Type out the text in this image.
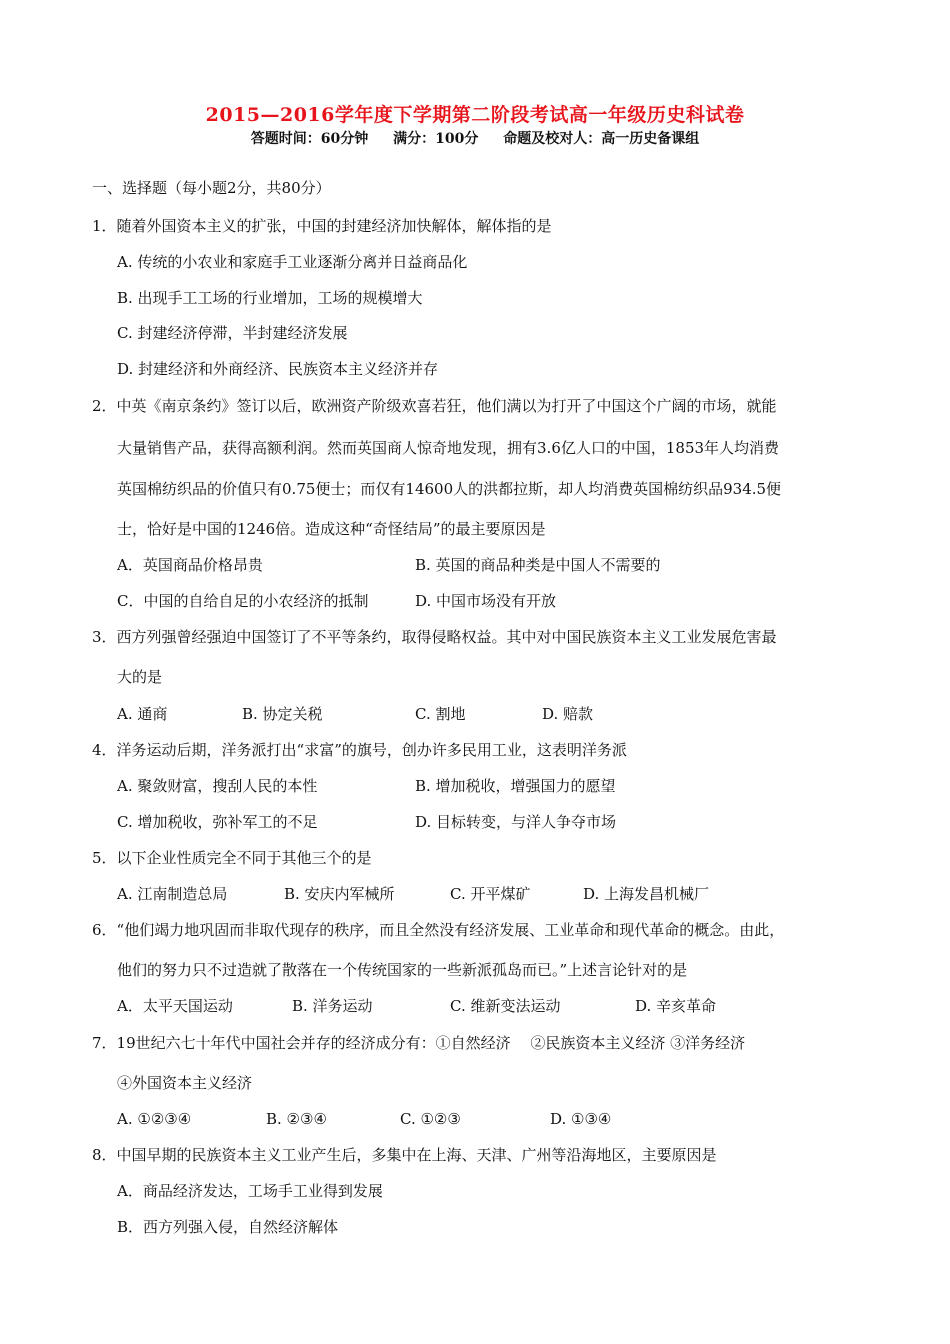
2015—2016学年度下学期第二阶段考试高一年级历史科试卷
答题时间：60分钟 满分：100分 命题及校对人：高一历史备课组
一、选择题（每小题2分，共80分）
1．随着外国资本主义的扩张，中国的封建经济加快解体，解体指的是
A. 传统的小农业和家庭手工业逐渐分离并日益商品化
B. 出现手工工场的行业增加，工场的规模增大
C. 封建经济停滞，半封建经济发展
D. 封建经济和外商经济、民族资本主义经济并存
2．中英《南京条约》签订以后，欧洲资产阶级欢喜若狂，他们满以为打开了中国这个广阔的市场，就能
大量销售产品，获得高额利润。然而英国商人惊奇地发现，拥有3.6亿人口的中国，1853年人均消费
英国棉纺织品的价值只有0.75便士；而仅有14600人的洪都拉斯，却人均消费英国棉纺织品934.5便
士，恰好是中国的1246倍。造成这种“奇怪结局”的最主要原因是
A．英国商品价格昂贵	B. 英国的商品种类是中国人不需要的
C．中国的自给自足的小农经济的抵制	D. 中国市场没有开放
3．西方列强曾经强迫中国签订了不平等条约，取得侵略权益。其中对中国民族资本主义工业发展危害最
大的是
A. 通商	B. 协定关税	C. 割地	D. 赔款
4．洋务运动后期，洋务派打出“求富”的旗号，创办许多民用工业，这表明洋务派
A. 聚敛财富，搜刮人民的本性	B. 增加税收，增强国力的愿望
C. 增加税收，弥补军工的不足	D. 目标转变，与洋人争夺市场
5．以下企业性质完全不同于其他三个的是
A. 江南制造总局	B. 安庆内军械所	C. 开平煤矿	D. 上海发昌机械厂
6．“他们竭力地巩固而非取代现存的秩序，而且全然没有经济发展、工业革命和现代革命的概念。由此，
他们的努力只不过造就了散落在一个传统国家的一些新派孤岛而已。”上述言论针对的是
A．太平天国运动	B. 洋务运动	C. 维新变法运动	D. 辛亥革命
7．19世纪六七十年代中国社会并存的经济成分有：①自然经济　 ②民族资本主义经济 ③洋务经济
④外国资本主义经济
A. ①②③④	B. ②③④	C. ①②③	D. ①③④
8．中国早期的民族资本主义工业产生后，多集中在上海、天津、广州等沿海地区，主要原因是
A．商品经济发达，工场手工业得到发展
B．西方列强入侵，自然经济解体
